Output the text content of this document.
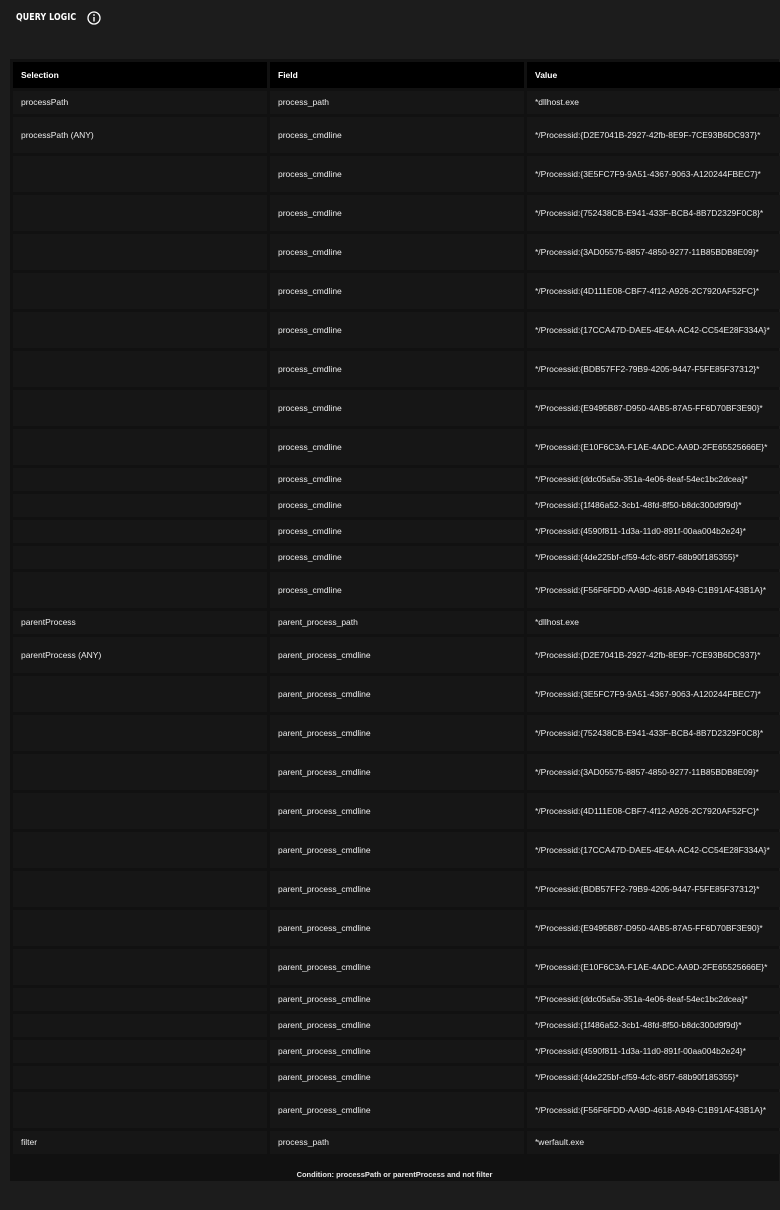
QUERY LOGIC
Selection	Field	Value
processPath	process_path	*dllhost.exe
processPath (ANY)	process_cmdline	*/Processid:{D2E7041B-2927-42fb-8E9F-7CE93B6DC937}*
	process_cmdline	*/Processid:{3E5FC7F9-9A51-4367-9063-A120244FBEC7}*
	process_cmdline	*/Processid:{752438CB-E941-433F-BCB4-8B7D2329F0C8}*
	process_cmdline	*/Processid:{3AD05575-8857-4850-9277-11B85BDB8E09}*
	process_cmdline	*/Processid:{4D111E08-CBF7-4f12-A926-2C7920AF52FC}*
	process_cmdline	*/Processid:{17CCA47D-DAE5-4E4A-AC42-CC54E28F334A}*
	process_cmdline	*/Processid:{BDB57FF2-79B9-4205-9447-F5FE85F37312}*
	process_cmdline	*/Processid:{E9495B87-D950-4AB5-87A5-FF6D70BF3E90}*
	process_cmdline	*/Processid:{E10F6C3A-F1AE-4ADC-AA9D-2FE65525666E}*
	process_cmdline	*/Processid:{ddc05a5a-351a-4e06-8eaf-54ec1bc2dcea}*
	process_cmdline	*/Processid:{1f486a52-3cb1-48fd-8f50-b8dc300d9f9d}*
	process_cmdline	*/Processid:{4590f811-1d3a-11d0-891f-00aa004b2e24}*
	process_cmdline	*/Processid:{4de225bf-cf59-4cfc-85f7-68b90f185355}*
	process_cmdline	*/Processid:{F56F6FDD-AA9D-4618-A949-C1B91AF43B1A}*
parentProcess	parent_process_path	*dllhost.exe
parentProcess (ANY)	parent_process_cmdline	*/Processid:{D2E7041B-2927-42fb-8E9F-7CE93B6DC937}*
	parent_process_cmdline	*/Processid:{3E5FC7F9-9A51-4367-9063-A120244FBEC7}*
	parent_process_cmdline	*/Processid:{752438CB-E941-433F-BCB4-8B7D2329F0C8}*
	parent_process_cmdline	*/Processid:{3AD05575-8857-4850-9277-11B85BDB8E09}*
	parent_process_cmdline	*/Processid:{4D111E08-CBF7-4f12-A926-2C7920AF52FC}*
	parent_process_cmdline	*/Processid:{17CCA47D-DAE5-4E4A-AC42-CC54E28F334A}*
	parent_process_cmdline	*/Processid:{BDB57FF2-79B9-4205-9447-F5FE85F37312}*
	parent_process_cmdline	*/Processid:{E9495B87-D950-4AB5-87A5-FF6D70BF3E90}*
	parent_process_cmdline	*/Processid:{E10F6C3A-F1AE-4ADC-AA9D-2FE65525666E}*
	parent_process_cmdline	*/Processid:{ddc05a5a-351a-4e06-8eaf-54ec1bc2dcea}*
	parent_process_cmdline	*/Processid:{1f486a52-3cb1-48fd-8f50-b8dc300d9f9d}*
	parent_process_cmdline	*/Processid:{4590f811-1d3a-11d0-891f-00aa004b2e24}*
	parent_process_cmdline	*/Processid:{4de225bf-cf59-4cfc-85f7-68b90f185355}*
	parent_process_cmdline	*/Processid:{F56F6FDD-AA9D-4618-A949-C1B91AF43B1A}*
filter	process_path	*werfault.exe
Condition: processPath or parentProcess and not filter
